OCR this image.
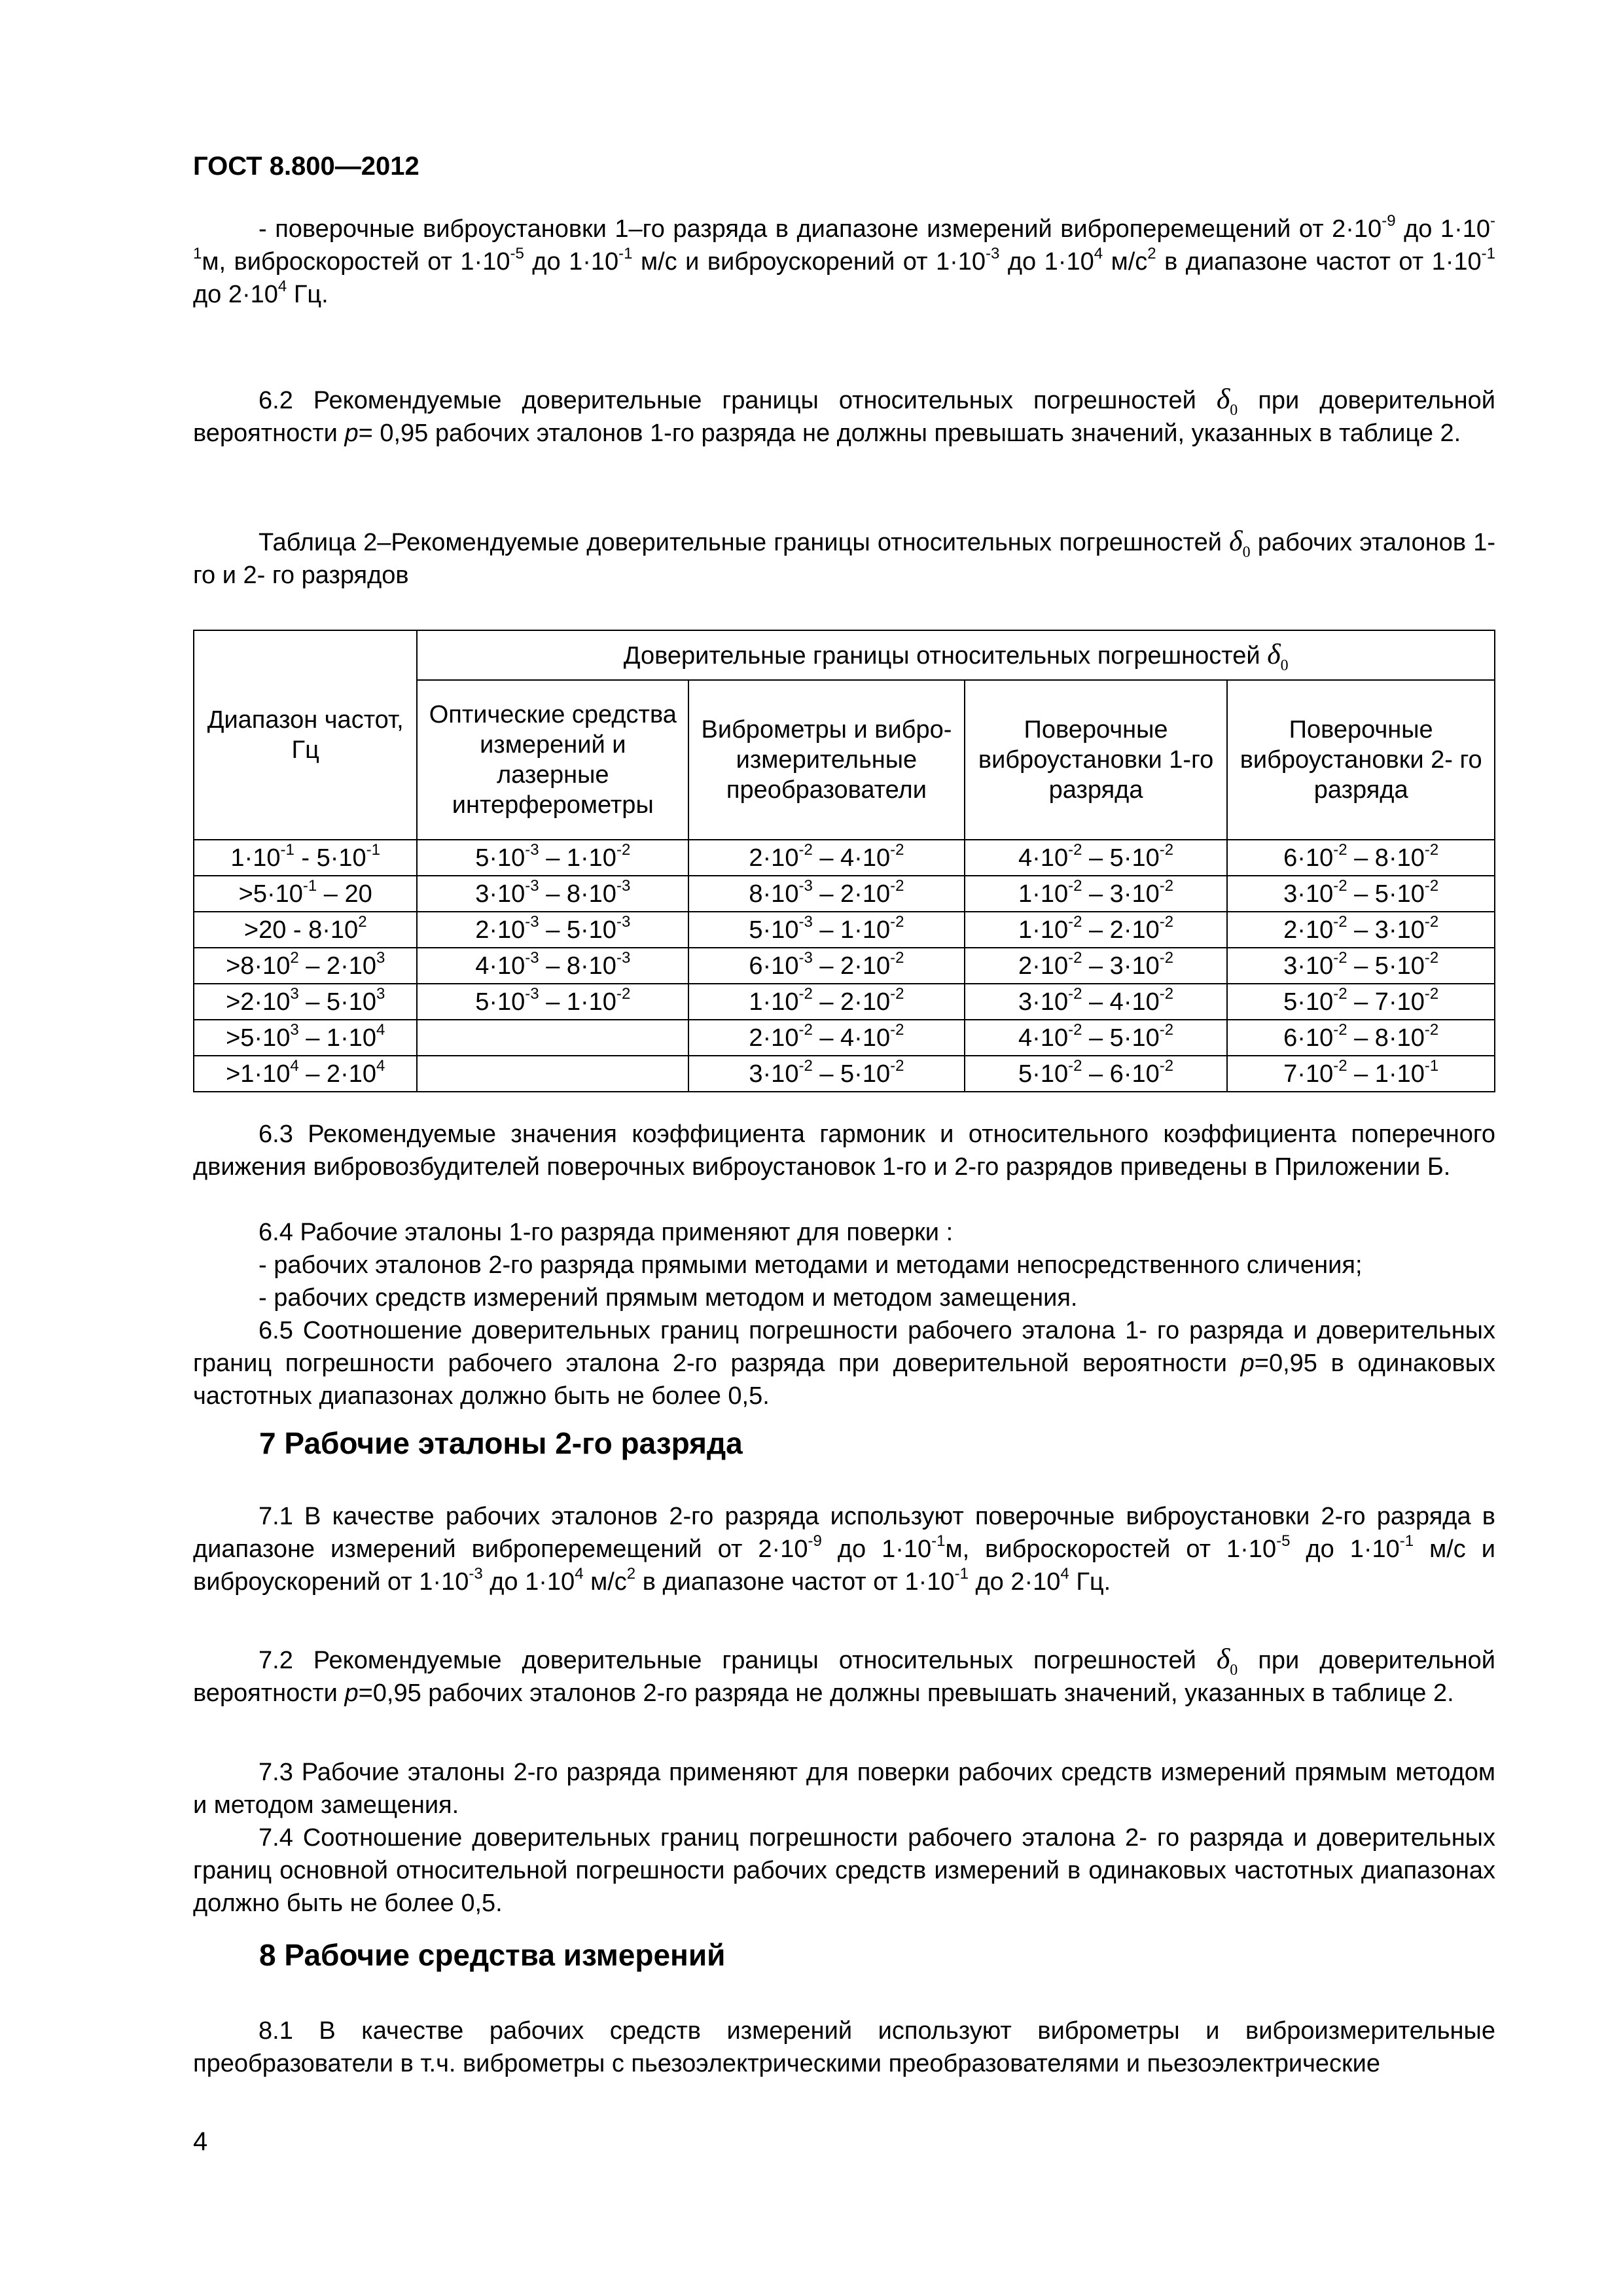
ГОСТ 8.800—2012
- поверочные виброустановки 1–го разряда в диапазоне измерений виброперемещений от $2\cdot 10^{-9}$ до $1\cdot 10^{-1}м$, виброскоростей от $1\cdot 10^{-5}$ до $1\cdot 10^{-1}$ м/с и виброускорений от $1\cdot 10^{-3}$ до $1\cdot 10^4$ $м/с^2$ в диапазоне частот от $1\cdot 10^{-1}$ до $2\cdot 10^4$ Гц.
6.2 Рекомендуемые доверительные границы относительных погрешностей $\delta_0$ при доверительной вероятности p= 0,95 рабочих эталонов 1-го разряда не должны превышать значений, указанных в таблице 2.
Таблица 2–Рекомендуемые доверительные границы относительных погрешностей $\delta_0$ рабочих эталонов 1-го и 2- го разрядов
Диапазон частот, Гц	Доверительные границы относительных погрешностей $\delta_0$
	Оптические средства измерений и лазерные интерферометры	Виброметры и вибро-измерительные преобразователи	Поверочные виброустановки 1-го разряда	Поверочные виброустановки 2- го разряда
$1\cdot 10^{-1} - 5\cdot 10^{-1}$	$5\cdot 10^{-3} - 1\cdot 10^{-2}$	$2\cdot 10^{-2} - 4\cdot 10^{-2}$	$4\cdot 10^{-2} - 5\cdot 10^{-2}$	$6\cdot 10^{-2} - 8\cdot 10^{-2}$
$>5\cdot 10^{-1} - 20$	$3\cdot 10^{-3} - 8\cdot 10^{-3}$	$8\cdot 10^{-3} - 2\cdot 10^{-2}$	$1\cdot 10^{-2} - 3\cdot 10^{-2}$	$3\cdot 10^{-2} - 5\cdot 10^{-2}$
$>20 - 8\cdot 10^2$	$2\cdot 10^{-3} - 5\cdot 10^{-3}$	$5\cdot 10^{-3} - 1\cdot 10^{-2}$	$1\cdot 10^{-2} - 2\cdot 10^{-2}$	$2\cdot 10^{-2} - 3\cdot 10^{-2}$
$>8\cdot 10^2 - 2\cdot 10^3$	$4\cdot 10^{-3} - 8\cdot 10^{-3}$	$6\cdot 10^{-3} - 2\cdot 10^{-2}$	$2\cdot 10^{-2} - 3\cdot 10^{-2}$	$3\cdot 10^{-2} - 5\cdot 10^{-2}$
$>2\cdot 10^3 - 5\cdot 10^3$	$5\cdot 10^{-3} - 1\cdot 10^{-2}$	$1\cdot 10^{-2} - 2\cdot 10^{-2}$	$3\cdot 10^{-2} - 4\cdot 10^{-2}$	$5\cdot 10^{-2} - 7\cdot 10^{-2}$
$>5\cdot 10^3 - 1\cdot 10^4$		$2\cdot 10^{-2} - 4\cdot 10^{-2}$	$4\cdot 10^{-2} - 5\cdot 10^{-2}$	$6\cdot 10^{-2} - 8\cdot 10^{-2}$
$>1\cdot 10^4 - 2\cdot 10^4$		$3\cdot 10^{-2} - 5\cdot 10^{-2}$	$5\cdot 10^{-2} - 6\cdot 10^{-2}$	$7\cdot 10^{-2} - 1\cdot 10^{-1}$
6.3 Рекомендуемые значения коэффициента гармоник и относительного коэффициента поперечного движения вибровозбудителей поверочных виброустановок 1-го и 2-го разрядов приведены в Приложении Б.
6.4 Рабочие эталоны 1-го разряда применяют для поверки :
- рабочих эталонов 2-го разряда прямыми методами и методами непосредственного сличения;
- рабочих средств измерений прямым методом и методом замещения.
6.5 Соотношение доверительных границ погрешности рабочего эталона 1- го разряда и доверительных границ погрешности рабочего эталона 2-го разряда при доверительной вероятности p=0,95 в одинаковых частотных диапазонах должно быть не более 0,5.
7 Рабочие эталоны 2-го разряда
7.1 В качестве рабочих эталонов 2-го разряда используют поверочные виброустановки 2-го разряда в диапазоне измерений виброперемещений от $2\cdot 10^{-9}$ до $1\cdot 10^{-1}м$, виброскоростей от $1\cdot 10^{-5}$ до $1\cdot 10^{-1}$ м/с и виброускорений от $1\cdot 10^{-3}$ до $1\cdot 10^4$ $м/с^2$ в диапазоне частот от $1\cdot 10^{-1}$ до $2\cdot 10^4$ Гц.
7.2 Рекомендуемые доверительные границы относительных погрешностей $\delta_0$ при доверительной вероятности p=0,95 рабочих эталонов 2-го разряда не должны превышать значений, указанных в таблице 2.
7.3 Рабочие эталоны 2-го разряда применяют для поверки рабочих средств измерений прямым методом и методом замещения.
7.4 Соотношение доверительных границ погрешности рабочего эталона 2- го разряда и доверительных границ основной относительной погрешности рабочих средств измерений в одинаковых частотных диапазонах должно быть не более 0,5.
8 Рабочие средства измерений
8.1 В качестве рабочих средств измерений используют виброметры и виброизмерительные преобразователи в т.ч. виброметры с пьезоэлектрическими преобразователями и пьезоэлектрические
4
